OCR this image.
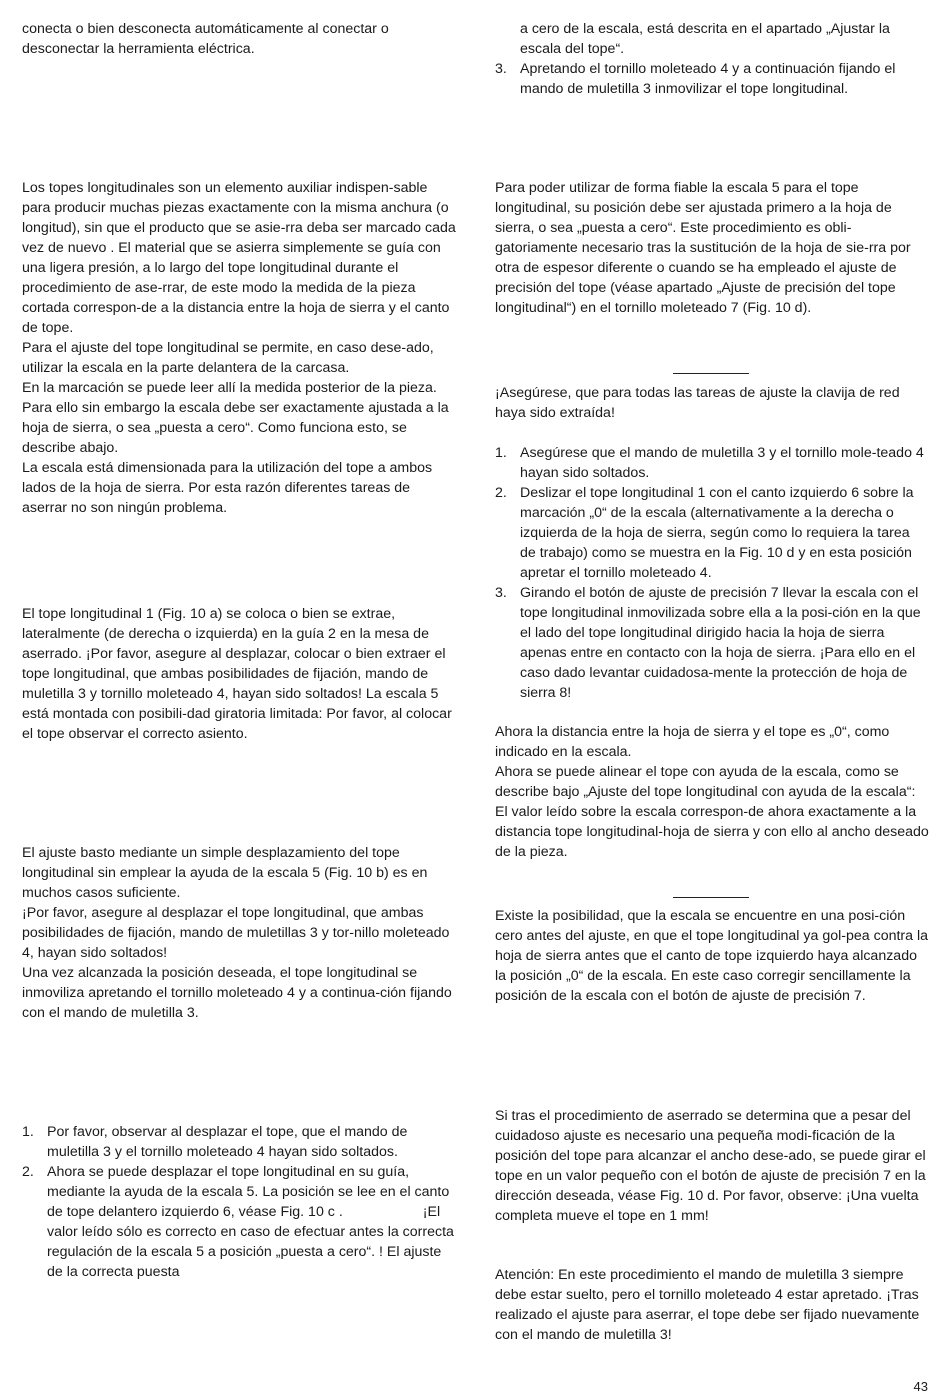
conecta o bien desconecta automáticamente al conectar o desconectar la herramienta eléctrica.

Los topes longitudinales son un elemento auxiliar indispen-sable para producir muchas piezas exactamente con la misma anchura (o longitud), sin que el producto que se asie-rra deba ser marcado cada vez de nuevo . El material que se asierra simplemente se guía con una ligera presión, a lo largo del tope longitudinal durante el procedimiento de ase-rrar, de este modo la medida de la pieza cortada correspon-de a la distancia entre la hoja de sierra y el canto de tope.

Para el ajuste del tope longitudinal se permite, en caso dese-ado, utilizar la escala en la parte delantera de la carcasa.

En la marcación se puede leer allí la medida posterior de la pieza. Para ello sin embargo la escala debe ser exactamente ajustada a la hoja de sierra, o sea „puesta a cero“. Como funciona esto, se describe abajo.

La escala está dimensionada para la utilización del tope a ambos lados de la hoja de sierra. Por esta razón diferentes tareas de aserrar no son ningún problema.

El tope longitudinal 1 (Fig. 10 a) se coloca o bien se extrae, lateralmente (de derecha o izquierda) en la guía 2 en la mesa de aserrado. ¡Por favor, asegure al desplazar, colocar o bien extraer el tope longitudinal, que ambas posibilidades de fijación, mando de muletilla 3 y tornillo moleteado 4, hayan sido soltados! La escala 5 está montada con posibili-dad giratoria limitada: Por favor, al colocar el tope observar el correcto asiento.

El ajuste basto mediante un simple desplazamiento del tope longitudinal sin emplear la ayuda de la escala 5 (Fig. 10 b) es en muchos casos suficiente.

¡Por favor, asegure al desplazar el tope longitudinal, que ambas posibilidades de fijación, mando de muletillas 3 y tor-nillo moleteado 4, hayan sido soltados!

Una vez alcanzada la posición deseada, el tope longitudinal se inmoviliza apretando el tornillo moleteado 4 y a continua-ción fijando con el mando de muletilla 3.

1. Por favor, observar al desplazar el tope, que el mando de muletilla 3 y el tornillo moleteado 4 hayan sido soltados.
2. Ahora se puede desplazar el tope longitudinal en su guía, mediante la ayuda de la escala 5. La posición se lee en el canto de tope delantero izquierdo 6, véase Fig. 10 c .	¡El valor leído sólo es correcto en caso de efectuar antes la correcta regulación de la escala 5 a posición „puesta a cero“. ! El ajuste de la correcta puesta
a cero de la escala, está descrita en el apartado „Ajustar la escala del tope“.
3. Apretando el tornillo moleteado 4 y a continuación fijando el mando de muletilla 3 inmovilizar el tope longitudinal.

Para poder utilizar de forma fiable la escala 5 para el tope longitudinal, su posición debe ser ajustada primero a la hoja de sierra, o sea „puesta a cero“. Este procedimiento es obli-gatoriamente necesario tras la sustitución de la hoja de sie-rra por otra de espesor diferente o cuando se ha empleado el ajuste de precisión del tope (véase apartado „Ajuste de precisión del tope longitudinal“) en el tornillo moleteado 7 (Fig. 10 d).

¡Asegúrese, que para todas las tareas de ajuste la clavija de red haya sido extraída!

1. Asegúrese que el mando de muletilla 3 y el tornillo mole-teado 4 hayan sido soltados.
2. Deslizar el tope longitudinal 1 con el canto izquierdo 6 sobre la marcación „0“ de la escala (alternativamente a la derecha o izquierda de la hoja de sierra, según como lo requiera la tarea de trabajo) como se muestra en la Fig. 10 d y en esta posición apretar el tornillo moleteado 4.
3. Girando el botón de ajuste de precisión 7 llevar la escala con el tope longitudinal inmovilizada sobre ella a la posi-ción en la que el lado del tope longitudinal dirigido hacia la hoja de sierra apenas entre en contacto con la hoja de sierra. ¡Para ello en el caso dado levantar cuidadosa-mente la protección de hoja de sierra 8!

Ahora la distancia entre la hoja de sierra y el tope es „0“, como indicado en la escala.

Ahora se puede alinear el tope con ayuda de la escala, como se describe bajo „Ajuste del tope longitudinal con ayuda de la escala“: El valor leído sobre la escala correspon-de ahora exactamente a la distancia tope longitudinal-hoja de sierra y con ello al ancho deseado de la pieza.

Existe la posibilidad, que la escala se encuentre en una posi-ción cero antes del ajuste, en que el tope longitudinal ya gol-pea contra la hoja de sierra antes que el canto de tope izquierdo haya alcanzado la posición „0“ de la escala. En este caso corregir sencillamente la posición de la escala con el botón de ajuste de precisión 7.

Si tras el procedimiento de aserrado se determina que a pesar del cuidadoso ajuste es necesario una pequeña modi-ficación de la posición del tope para alcanzar el ancho dese-ado, se puede girar el tope en un valor pequeño con el botón de ajuste de precisión 7 en la dirección deseada, véase Fig. 10 d. Por favor, observe: ¡Una vuelta completa mueve el tope en 1 mm!

Atención: En este procedimiento el mando de muletilla 3 siempre debe estar suelto, pero el tornillo moleteado 4 estar apretado. ¡Tras realizado el ajuste para aserrar, el tope debe ser fijado nuevamente con el mando de muletilla 3!

43
